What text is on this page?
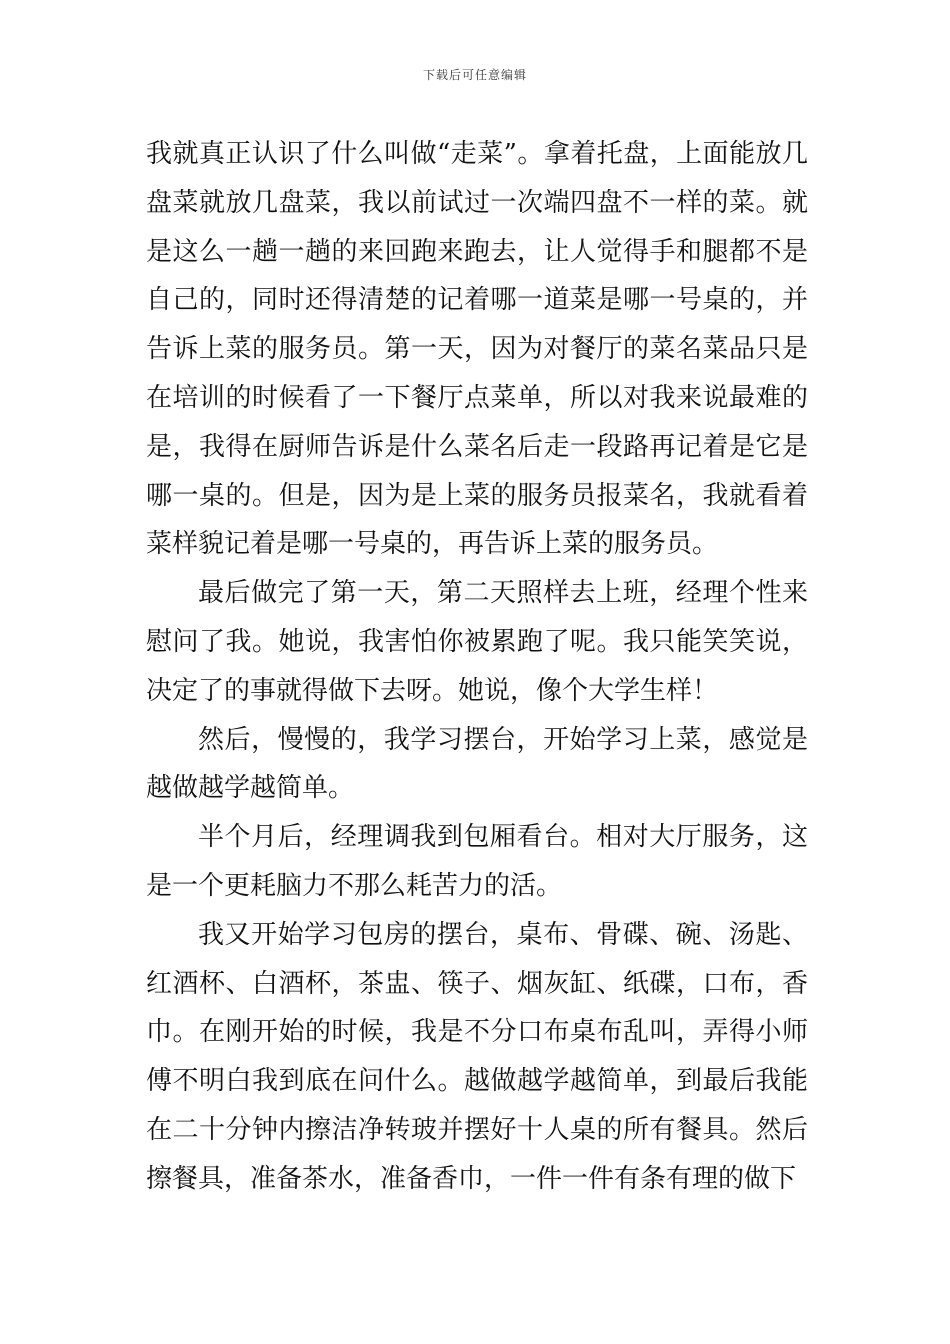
下载后可任意编辑

我就真正认识了什么叫做“走菜”。拿着托盘，上面能放几盘菜就放几盘菜，我以前试过一次端四盘不一样的菜。就是这么一趟一趟的来回跑来跑去，让人觉得手和腿都不是自己的，同时还得清楚的记着哪一道菜是哪一号桌的，并告诉上菜的服务员。第一天，因为对餐厅的菜名菜品只是在培训的时候看了一下餐厅点菜单，所以对我来说最难的是，我得在厨师告诉是什么菜名后走一段路再记着是它是哪一桌的。但是，因为是上菜的服务员报菜名，我就看着菜样貌记着是哪一号桌的，再告诉上菜的服务员。

最后做完了第一天，第二天照样去上班，经理个性来慰问了我。她说，我害怕你被累跑了呢。我只能笑笑说，决定了的事就得做下去呀。她说，像个大学生样！

然后，慢慢的，我学习摆台，开始学习上菜，感觉是越做越学越简单。

半个月后，经理调我到包厢看台。相对大厅服务，这是一个更耗脑力不那么耗苦力的活。

我又开始学习包房的摆台，桌布、骨碟、碗、汤匙、红酒杯、白酒杯，茶盅、筷子、烟灰缸、纸碟，口布，香巾。在刚开始的时候，我是不分口布桌布乱叫，弄得小师傅不明白我到底在问什么。越做越学越简单，到最后我能在二十分钟内擦洁净转玻并摆好十人桌的所有餐具。然后擦餐具，准备茶水，准备香巾，一件一件有条有理的做下
